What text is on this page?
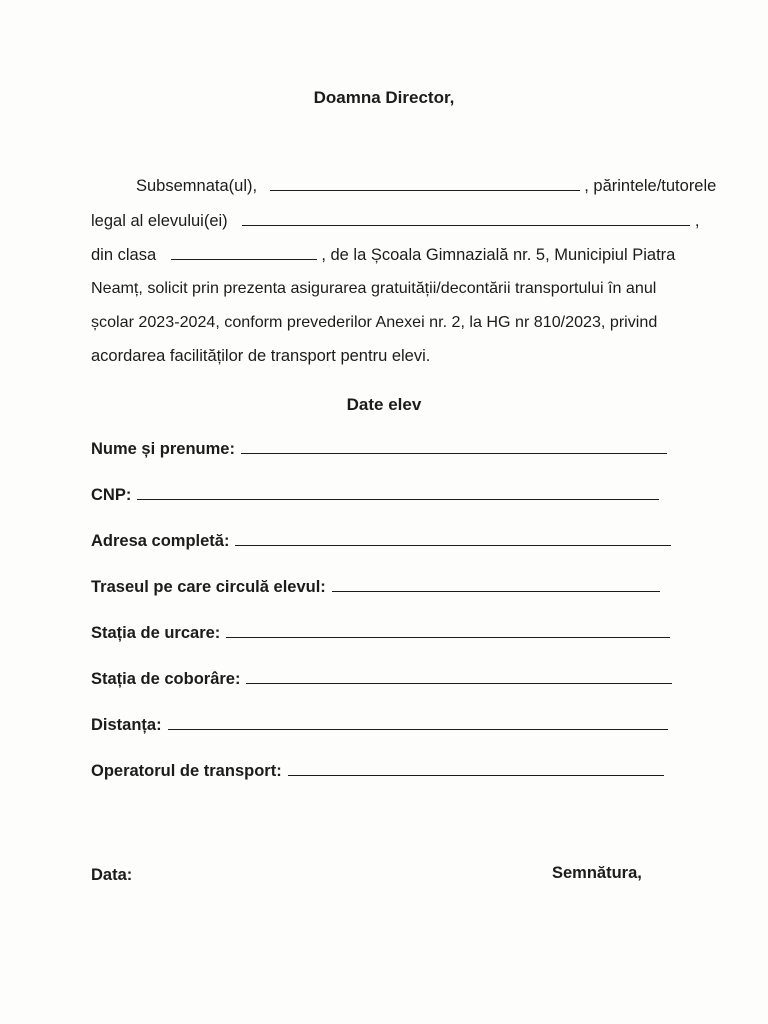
Doamna Director,
Subsemnata(ul),	, părintele/tutorele
legal al elevului(ei)	,
din clasa	, de la Școala Gimnazială nr. 5, Municipiul Piatra
Neamț, solicit prin prezenta asigurarea gratuității/decontării transportului în anul
școlar 2023-2024, conform prevederilor Anexei nr. 2, la HG nr 810/2023, privind
acordarea facilităților de transport pentru elevi.
Date elev
Nume și prenume:
CNP:
Adresa completă:
Traseul pe care circulă elevul:
Stația de urcare:
Stația de coborâre:
Distanța:
Operatorul de transport:
Data:	Semnătura,
